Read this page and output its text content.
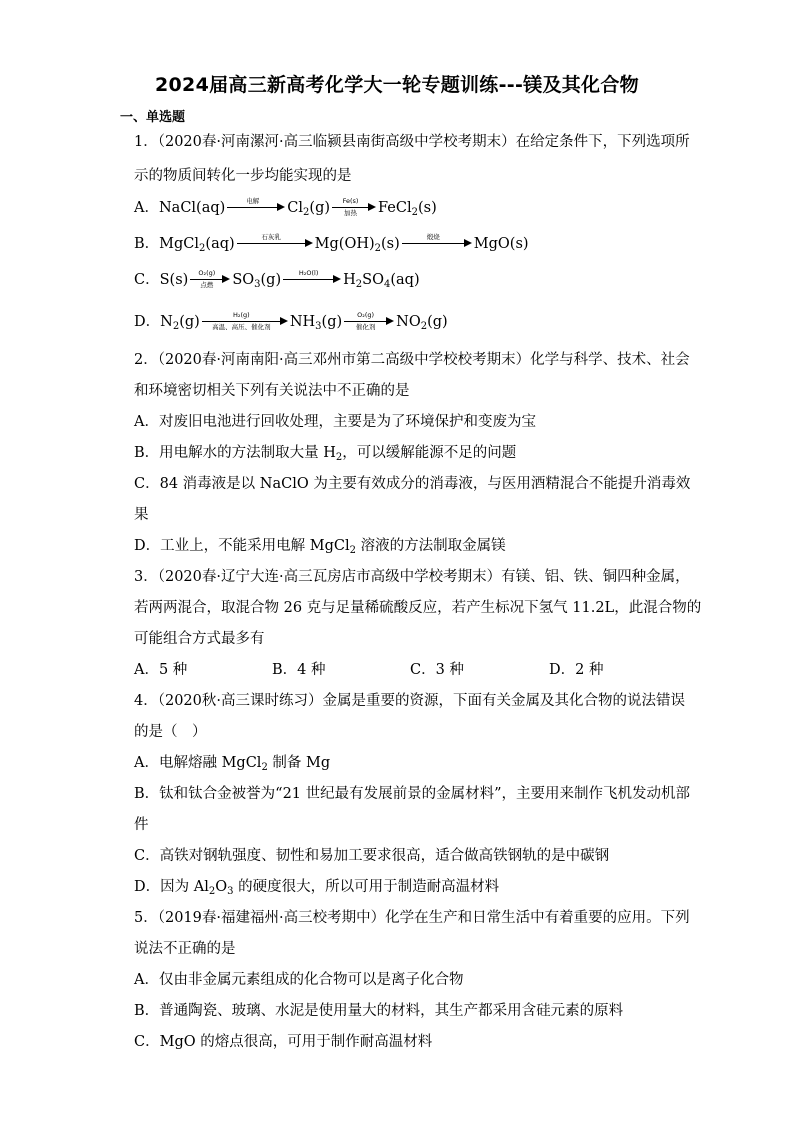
2024届高三新高考化学大一轮专题训练---镁及其化合物
一、单选题
1．（2020春·河南漯河·高三临颍县南街高级中学校考期末）在给定条件下，下列选项所
示的物质间转化一步均能实现的是
A．NaCl(aq)	电解	$Cl_2(g)$	Fe(s)
加热	FeCl$_2$(s)
B．MgCl$_2$(aq)	石灰乳	$Mg(OH)_2(s)$	煅烧	MgO(s)
C．S(s)	O₂(g)
点燃	$SO_3(g)$	H₂O(l)	$H_2SO_4(aq)$
D．$N_2(g)$	H₂(g)
高温、高压、催化剂	$NH_3(g)$	O₂(g)
催化剂	$NO_2(g)$
2．（2020春·河南南阳·高三邓州市第二高级中学校校考期末）化学与科学、技术、社会
和环境密切相关下列有关说法中不正确的是
A．对废旧电池进行回收处理，主要是为了环境保护和变废为宝
B．用电解水的方法制取大量 $H_2$，可以缓解能源不足的问题
C．84 消毒液是以 NaClO 为主要有效成分的消毒液，与医用酒精混合不能提升消毒效
果
D．工业上，不能采用电解 MgCl$_2$ 溶液的方法制取金属镁
3．（2020春·辽宁大连·高三瓦房店市高级中学校考期末）有镁、铝、铁、铜四种金属，
若两两混合，取混合物 26 克与足量稀硫酸反应，若产生标况下氢气 11.2L，此混合物的
可能组合方式最多有
A．5 种	B．4 种	C．3 种	D．2 种
4．（2020秋·高三课时练习）金属是重要的资源，下面有关金属及其化合物的说法错误
的是（　）
A．电解熔融 MgCl$_2$ 制备 Mg
B．钛和钛合金被誉为“21 世纪最有发展前景的金属材料”，主要用来制作飞机发动机部
件
C．高铁对钢轨强度、韧性和易加工要求很高，适合做高铁钢轨的是中碳钢
D．因为 $Al_2O_3$ 的硬度很大，所以可用于制造耐高温材料
5．（2019春·福建福州·高三校考期中）化学在生产和日常生活中有着重要的应用。下列
说法不正确的是
A．仅由非金属元素组成的化合物可以是离子化合物
B．普通陶瓷、玻璃、水泥是使用量大的材料，其生产都采用含硅元素的原料
C．MgO 的熔点很高，可用于制作耐高温材料
